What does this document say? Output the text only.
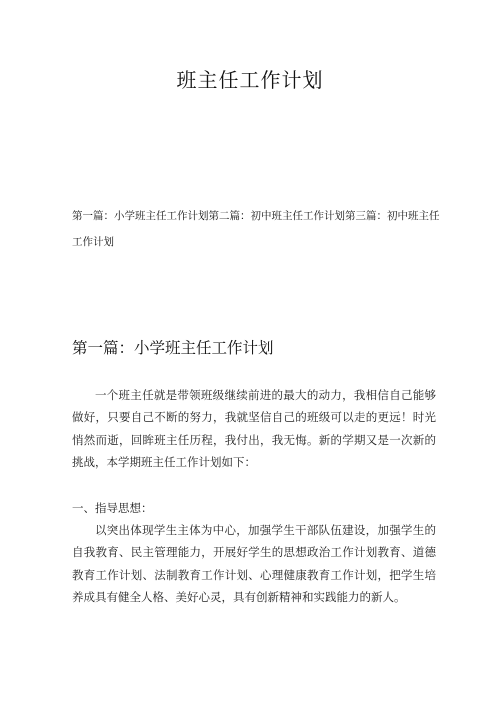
班主任工作计划
第一篇：小学班主任工作计划第二篇：初中班主任工作计划第三篇：初中班主任工作计划
第一篇：小学班主任工作计划

一个班主任就是带领班级继续前进的最大的动力，我相信自己能够做好，只要自己不断的努力，我就坚信自己的班级可以走的更远！时光悄然而逝，回眸班主任历程，我付出，我无悔。新的学期又是一次新的挑战，本学期班主任工作计划如下：

一、指导思想：

以突出体现学生主体为中心，加强学生干部队伍建设，加强学生的自我教育、民主管理能力，开展好学生的思想政治工作计划教育、道德教育工作计划、法制教育工作计划、心理健康教育工作计划，把学生培养成具有健全人格、美好心灵，具有创新精神和实践能力的新人。
